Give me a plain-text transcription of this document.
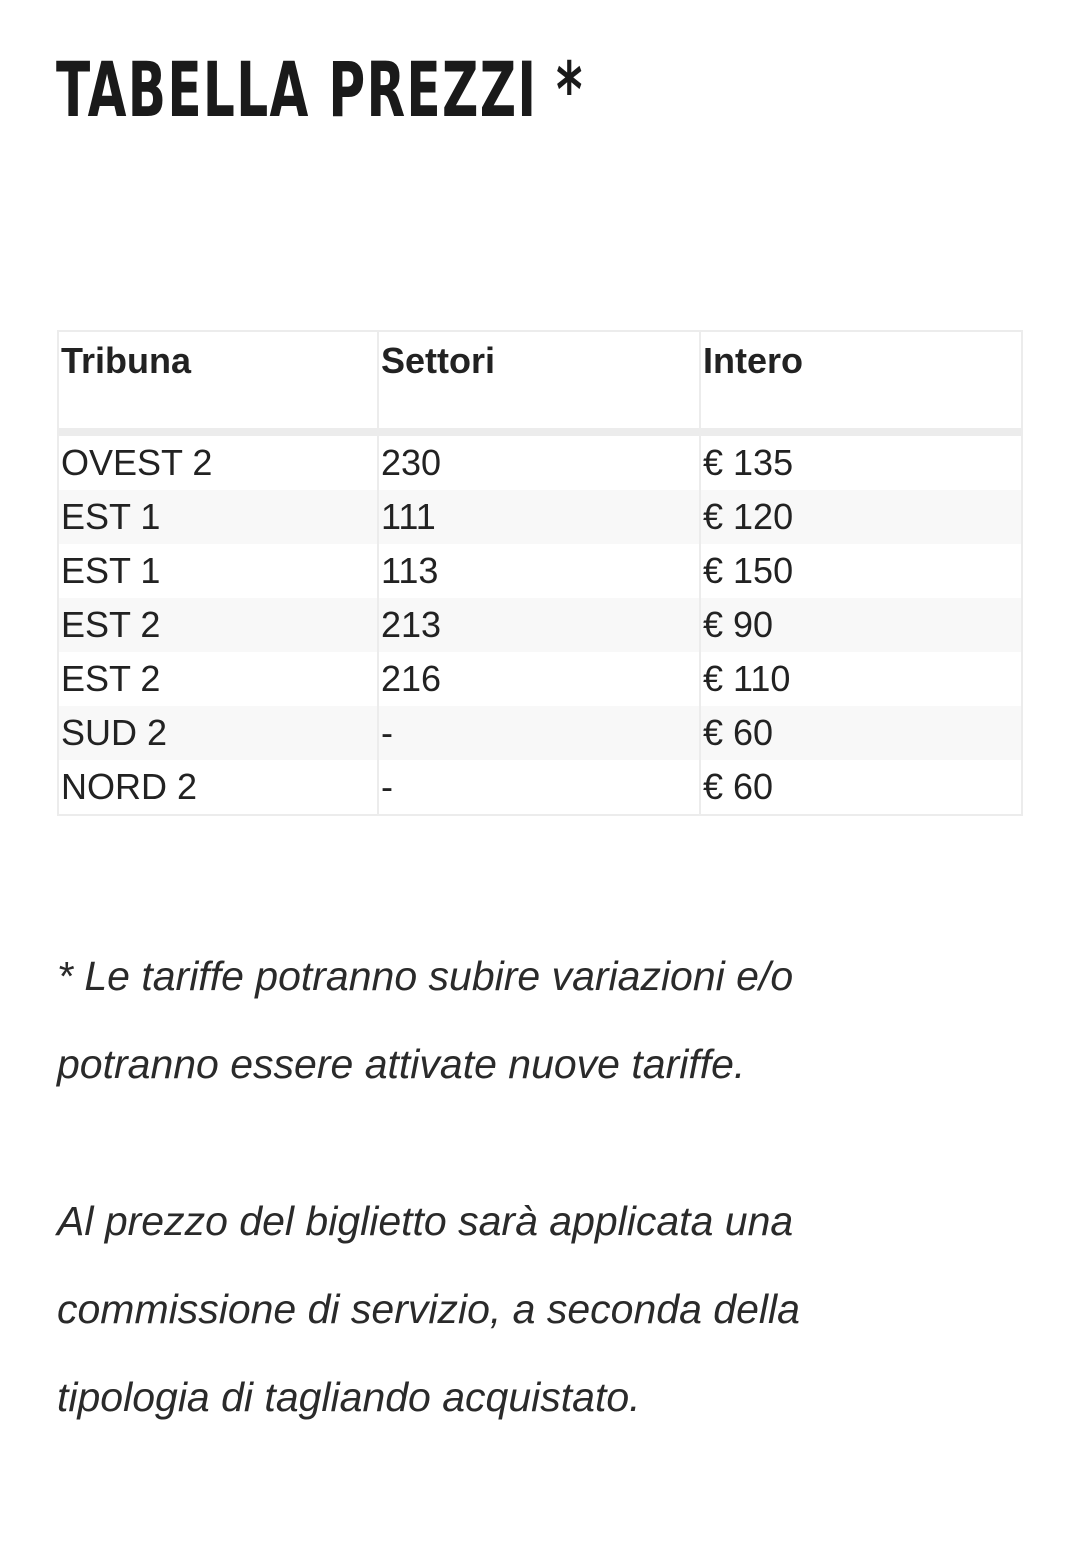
TABELLA PREZZI *
Tribuna	Settori	Intero
OVEST 2	230	€ 135
EST 1	111	€ 120
EST 1	113	€ 150
EST 2	213	€ 90
EST 2	216	€ 110
SUD 2	-	€ 60
NORD 2	-	€ 60

* Le tariffe potranno subire variazioni e/o potranno essere attivate nuove tariffe.

Al prezzo del biglietto sarà applicata una commissione di servizio, a seconda della tipologia di tagliando acquistato.
